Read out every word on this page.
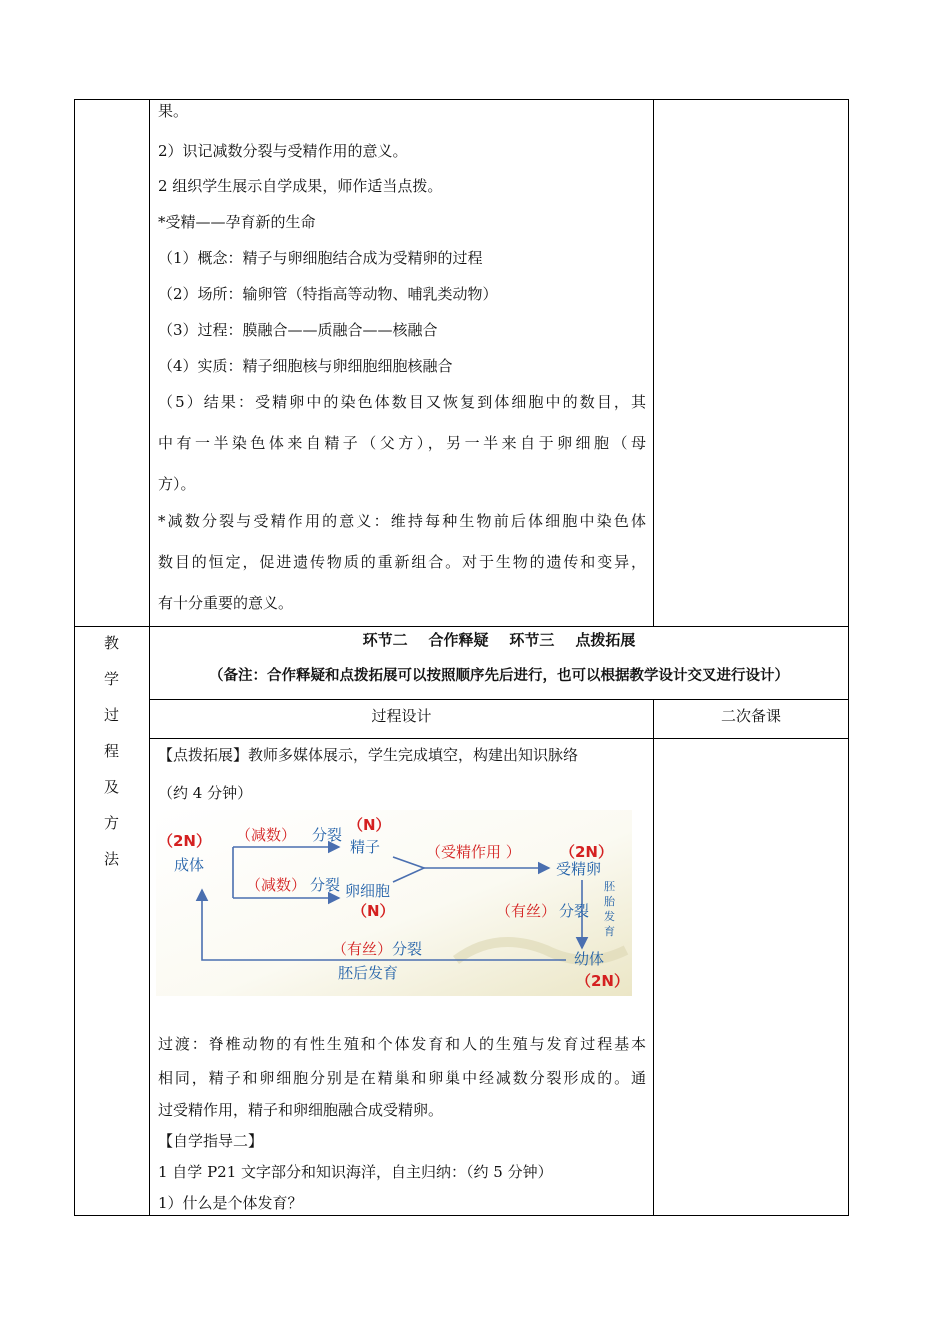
果。
2）识记减数分裂与受精作用的意义。
2 组织学生展示自学成果，师作适当点拨。
*受精——孕育新的生命
（1）概念：精子与卵细胞结合成为受精卵的过程
（2）场所：输卵管（特指高等动物、哺乳类动物）
（3）过程：膜融合——质融合——核融合
（4）实质：精子细胞核与卵细胞细胞核融合
（5）结果：受精卵中的染色体数目又恢复到体细胞中的数目，其
中有一半染色体来自精子（父方），另一半来自于卵细胞（母
方）。
*减数分裂与受精作用的意义：维持每种生物前后体细胞中染色体
数目的恒定，促进遗传物质的重新组合。对于生物的遗传和变异，
有十分重要的意义。
教
学
过
程
及
方
法
环节二    合作释疑    环节三    点拨拓展
（备注：合作释疑和点拨拓展可以按照顺序先后进行，也可以根据教学设计交叉进行设计）
过程设计	二次备课
【点拨拓展】教师多媒体展示，学生完成填空，构建出知识脉络
（约 4 分钟）
（2N）
成体
（减数） 分裂
（N）
精子
（减数） 分裂 卵细胞
（N）
（受精作用 ）	（2N）
受精卵
胚
胎
发
育
（有丝） 分裂
幼体
（2N）
（有丝） 分裂
胚后发育
过渡：脊椎动物的有性生殖和个体发育和人的生殖与发育过程基本
相同，精子和卵细胞分别是在精巢和卵巢中经减数分裂形成的。通
过受精作用，精子和卵细胞融合成受精卵。
【自学指导二】
1 自学 P21 文字部分和知识海洋，自主归纳：（约 5 分钟）
1）什么是个体发育？
